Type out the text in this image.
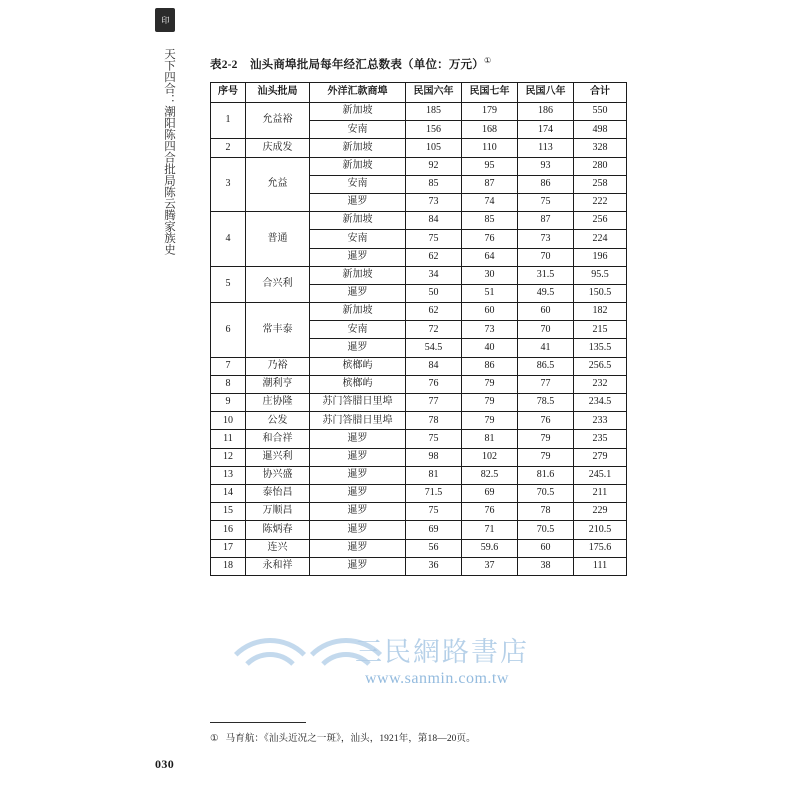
印
天下四合：潮阳陈四合批局陈云腾家族史	表2-2 汕头商埠批局每年经汇总数表（单位：万元）①
序号	汕头批局	外洋汇款商埠	民国六年	民国七年	民国八年	合计
1	允益裕	新加坡	185	179	186	550
		安南	156	168	174	498
2	庆成发	新加坡	105	110	113	328
3	允益	新加坡	92	95	93	280
		安南	85	87	86	258
		暹罗	73	74	75	222
4	普通	新加坡	84	85	87	256
		安南	75	76	73	224
		暹罗	62	64	70	196
5	合兴利	新加坡	34	30	31.5	95.5
		暹罗	50	51	49.5	150.5
6	常丰泰	新加坡	62	60	60	182
		安南	72	73	70	215
		暹罗	54.5	40	41	135.5
7	乃裕	槟榔屿	84	86	86.5	256.5
8	潮利亨	槟榔屿	76	79	77	232
9	庄协隆	苏门答腊日里埠	77	79	78.5	234.5
10	公发	苏门答腊日里埠	78	79	76	233
11	和合祥	暹罗	75	81	79	235
12	暹兴利	暹罗	98	102	79	279
13	协兴盛	暹罗	81	82.5	81.6	245.1
14	泰怡昌	暹罗	71.5	69	70.5	211
15	万顺昌	暹罗	75	76	78	229
16	陈炳春	暹罗	69	71	70.5	210.5
17	连兴	暹罗	56	59.6	60	175.6
18	永和祥	暹罗	36	37	38	111
三民網路書店
www.sanmin.com.tw
① 马育航：《汕头近况之一斑》，汕头，1921年，第18—20页。
030
